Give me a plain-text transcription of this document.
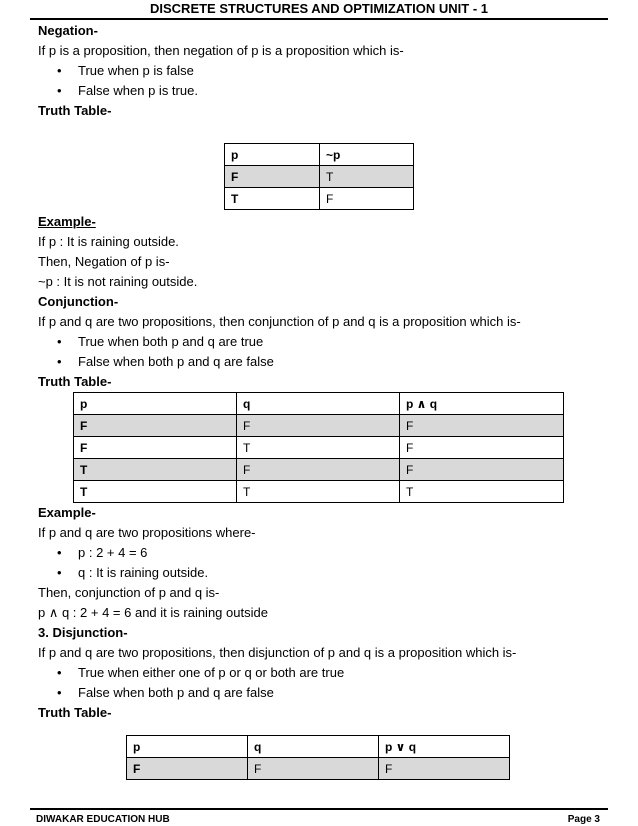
DISCRETE STRUCTURES AND OPTIMIZATION UNIT - 1
Negation-
If p is a proposition, then negation of p is a proposition which is-
• True when p is false
• False when p is true.
Truth Table-
p	~p
F	T
T	F
Example-
If p : It is raining outside.
Then, Negation of p is-
~p : It is not raining outside.
Conjunction-
If p and q are two propositions, then conjunction of p and q is a proposition which is-
• True when both p and q are true
• False when both p and q are false
Truth Table-
p	q	p ∧ q
F	F	F
F	T	F
T	F	F
T	T	T
Example-
If p and q are two propositions where-
• p : 2 + 4 = 6
• q : It is raining outside.
Then, conjunction of p and q is-
p ∧ q : 2 + 4 = 6 and it is raining outside
3. Disjunction-
If p and q are two propositions, then disjunction of p and q is a proposition which is-
• True when either one of p or q or both are true
• False when both p and q are false
Truth Table-
p	q	p ∨ q
F	F	F
DIWAKAR EDUCATION HUB	Page 3
